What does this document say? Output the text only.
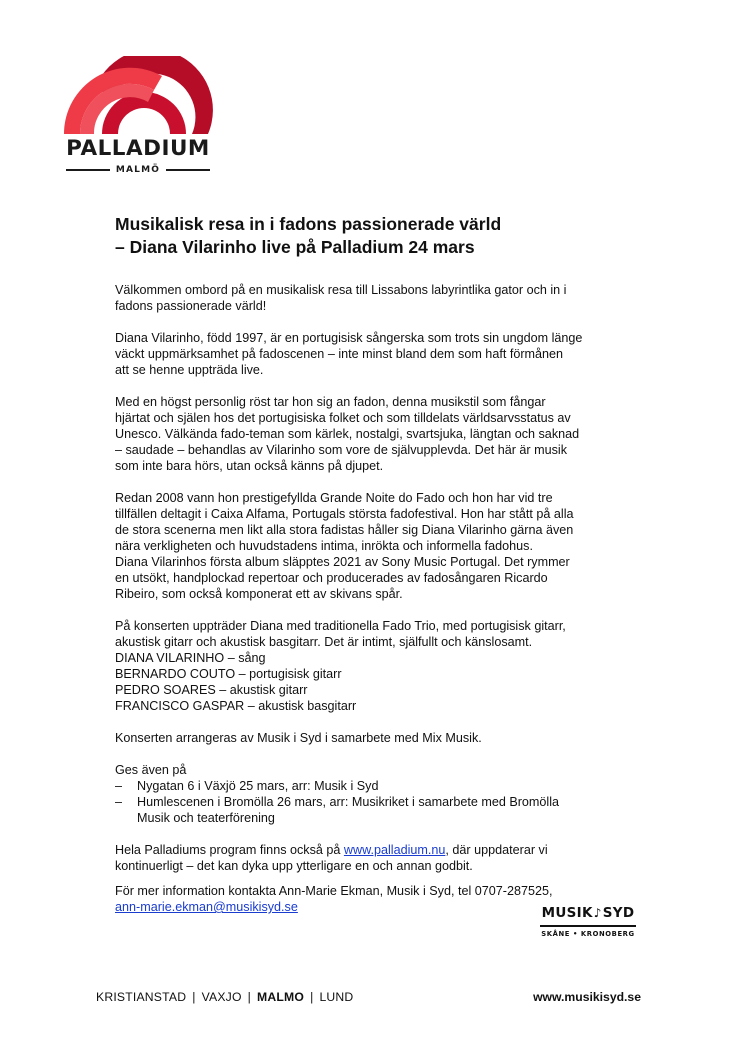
PALLADIUM
MALMÖ
Musikalisk resa in i fadons passionerade värld
– Diana Vilarinho live på Palladium 24 mars

Välkommen ombord på en musikalisk resa till Lissabons labyrintlika gator och in i
fadons passionerade värld!

Diana Vilarinho, född 1997, är en portugisisk sångerska som trots sin ungdom länge
väckt uppmärksamhet på fadoscenen – inte minst bland dem som haft förmånen
att se henne uppträda live.

Med en högst personlig röst tar hon sig an fadon, denna musikstil som fångar
hjärtat och själen hos det portugisiska folket och som tilldelats världsarvsstatus av
Unesco. Välkända fado-teman som kärlek, nostalgi, svartsjuka, längtan och saknad
– saudade – behandlas av Vilarinho som vore de självupplevda. Det här är musik
som inte bara hörs, utan också känns på djupet.

Redan 2008 vann hon prestigefyllda Grande Noite do Fado och hon har vid tre
tillfällen deltagit i Caixa Alfama, Portugals största fadofestival. Hon har stått på alla
de stora scenerna men likt alla stora fadistas håller sig Diana Vilarinho gärna även
nära verkligheten och huvudstadens intima, inrökta och informella fadohus.
Diana Vilarinhos första album släpptes 2021 av Sony Music Portugal. Det rymmer
en utsökt, handplockad repertoar och producerades av fadosångaren Ricardo
Ribeiro, som också komponerat ett av skivans spår.

På konserten uppträder Diana med traditionella Fado Trio, med portugisisk gitarr,
akustisk gitarr och akustisk basgitarr. Det är intimt, själfullt och känslosamt.
DIANA VILARINHO – sång
BERNARDO COUTO – portugisisk gitarr
PEDRO SOARES – akustisk gitarr
FRANCISCO GASPAR – akustisk basgitarr

Konserten arrangeras av Musik i Syd i samarbete med Mix Musik.

Ges även på

– Nygatan 6 i Växjö 25 mars, arr: Musik i Syd
– Humlescenen i Bromölla 26 mars, arr: Musikriket i samarbete med Bromölla
Musik och teaterförening

Hela Palladiums program finns också på www.palladium.nu, där uppdaterar vi
kontinuerligt – det kan dyka upp ytterligare en och annan godbit.

För mer information kontakta Ann-Marie Ekman, Musik i Syd, tel 0707-287525,
ann-marie.ekman@musikisyd.se	MUSIK♪SYD
SKÅNE • KRONOBERG
KRISTIANSTAD | VAXJO | MALMO | LUND	www.musikisyd.se
